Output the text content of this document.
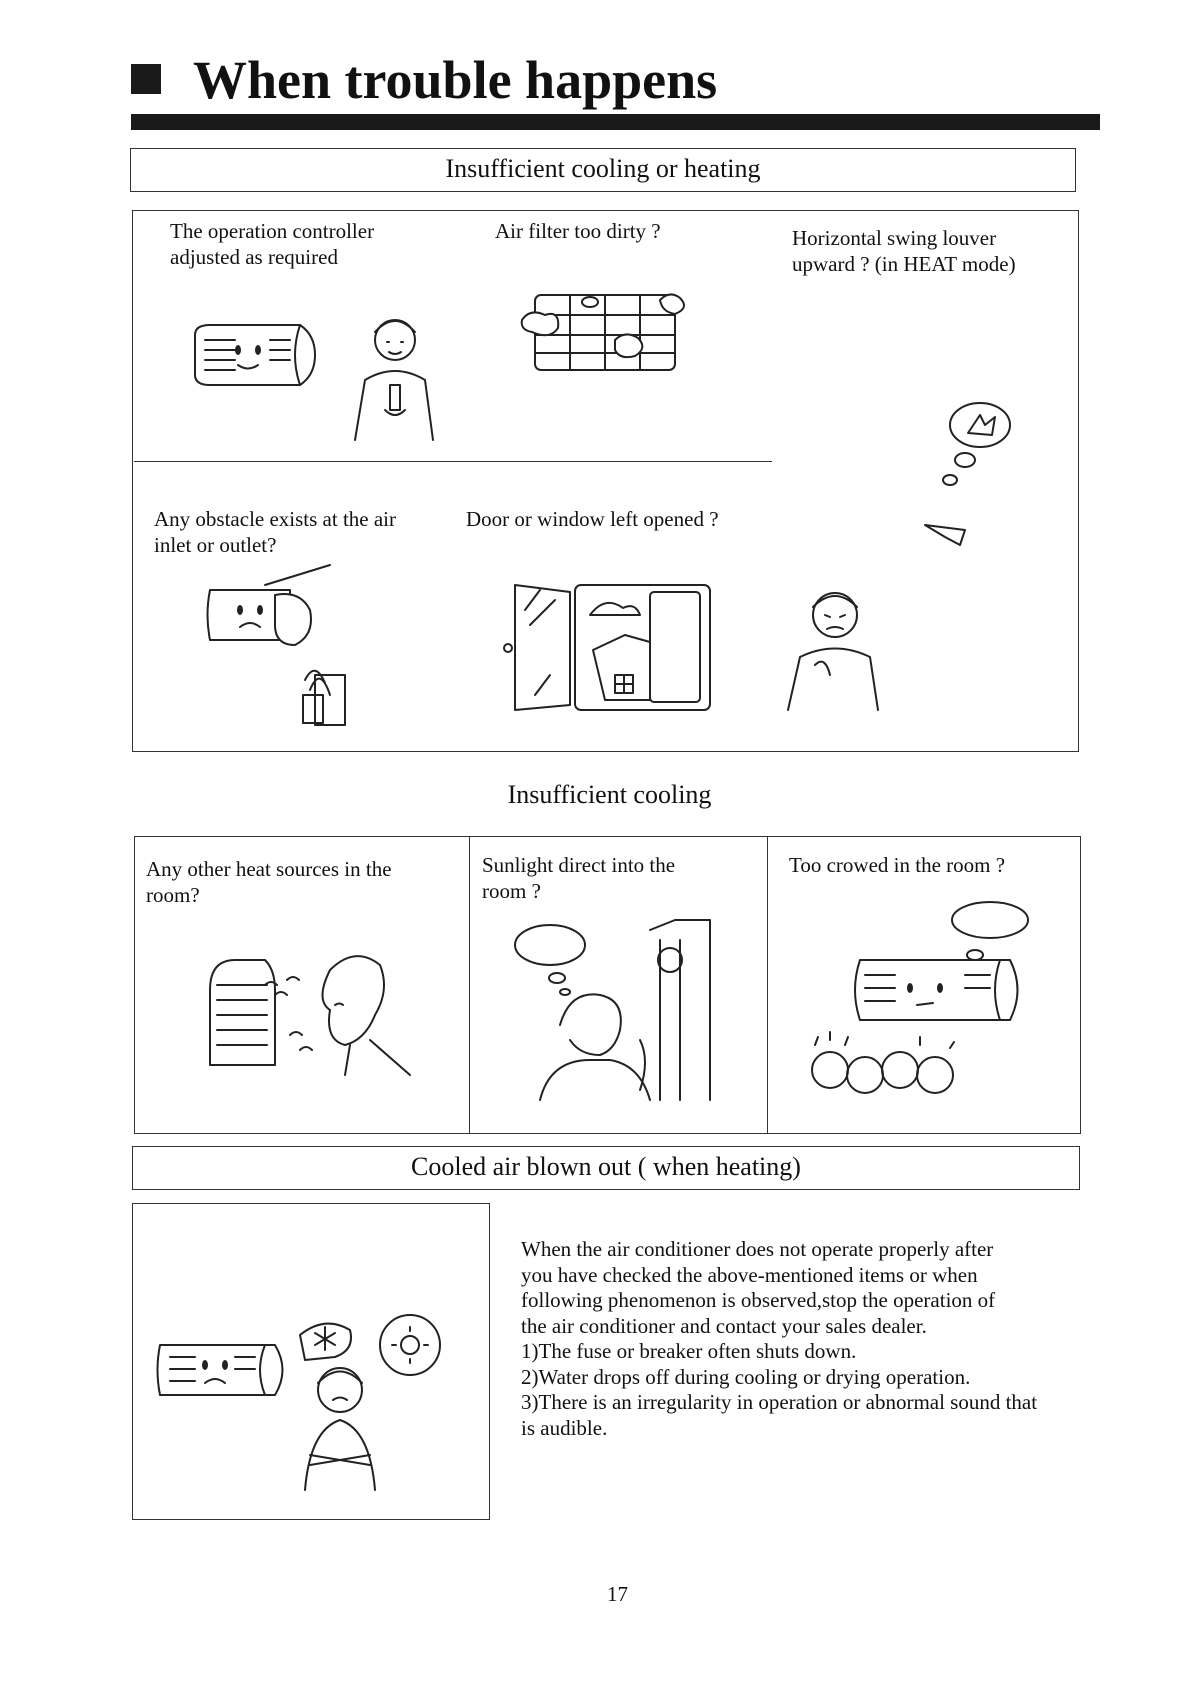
When trouble happens
Insufficient cooling or heating
The operation controller
adjusted as required
Air filter too dirty ?	Horizontal swing louver
upward ? (in HEAT mode)
Any obstacle exists at the air
inlet or outlet?
Door or window left opened ?
Insufficient cooling
Any other heat sources in the
room?
Sunlight direct into the
room ?
Too crowed in the room ?
Cooled air blown out ( when heating)
When the air conditioner does not operate properly after
you have checked the above-mentioned items or when
following phenomenon is observed,stop the operation of
the air conditioner and contact your sales dealer.
1)The fuse or breaker often shuts down.
2)Water drops off during cooling or drying operation.
3)There is an irregularity in operation or abnormal sound that
is audible.
17
